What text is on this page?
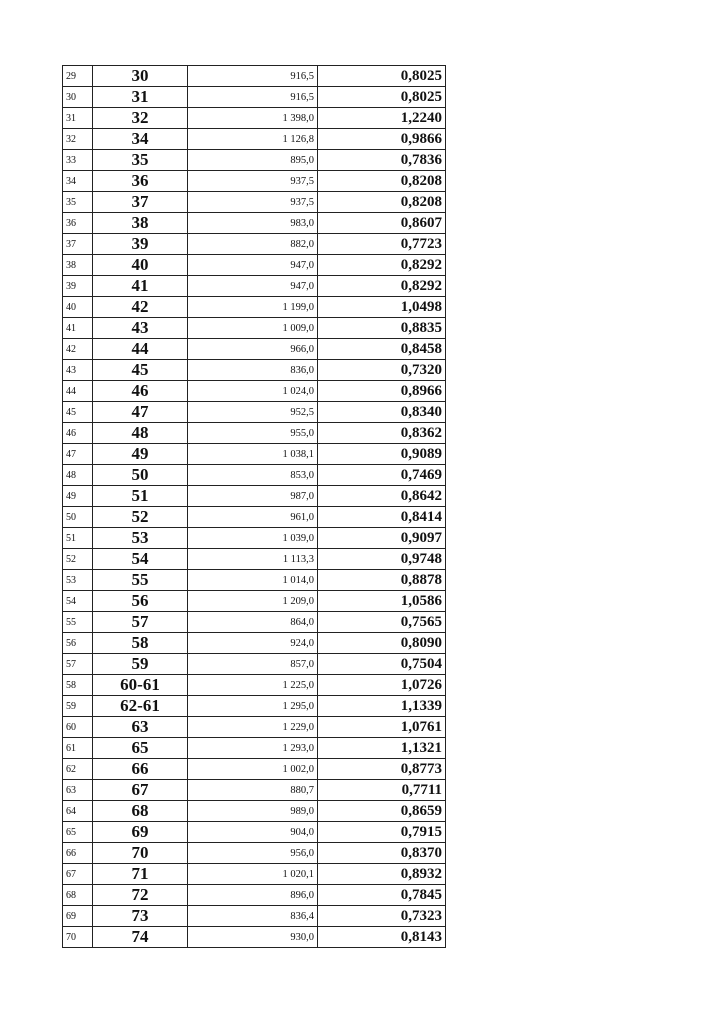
29	30	916,5	0,8025
30	31	916,5	0,8025
31	32	1 398,0	1,2240
32	34	1 126,8	0,9866
33	35	895,0	0,7836
34	36	937,5	0,8208
35	37	937,5	0,8208
36	38	983,0	0,8607
37	39	882,0	0,7723
38	40	947,0	0,8292
39	41	947,0	0,8292
40	42	1 199,0	1,0498
41	43	1 009,0	0,8835
42	44	966,0	0,8458
43	45	836,0	0,7320
44	46	1 024,0	0,8966
45	47	952,5	0,8340
46	48	955,0	0,8362
47	49	1 038,1	0,9089
48	50	853,0	0,7469
49	51	987,0	0,8642
50	52	961,0	0,8414
51	53	1 039,0	0,9097
52	54	1 113,3	0,9748
53	55	1 014,0	0,8878
54	56	1 209,0	1,0586
55	57	864,0	0,7565
56	58	924,0	0,8090
57	59	857,0	0,7504
58	60-61	1 225,0	1,0726
59	62-61	1 295,0	1,1339
60	63	1 229,0	1,0761
61	65	1 293,0	1,1321
62	66	1 002,0	0,8773
63	67	880,7	0,7711
64	68	989,0	0,8659
65	69	904,0	0,7915
66	70	956,0	0,8370
67	71	1 020,1	0,8932
68	72	896,0	0,7845
69	73	836,4	0,7323
70	74	930,0	0,8143
